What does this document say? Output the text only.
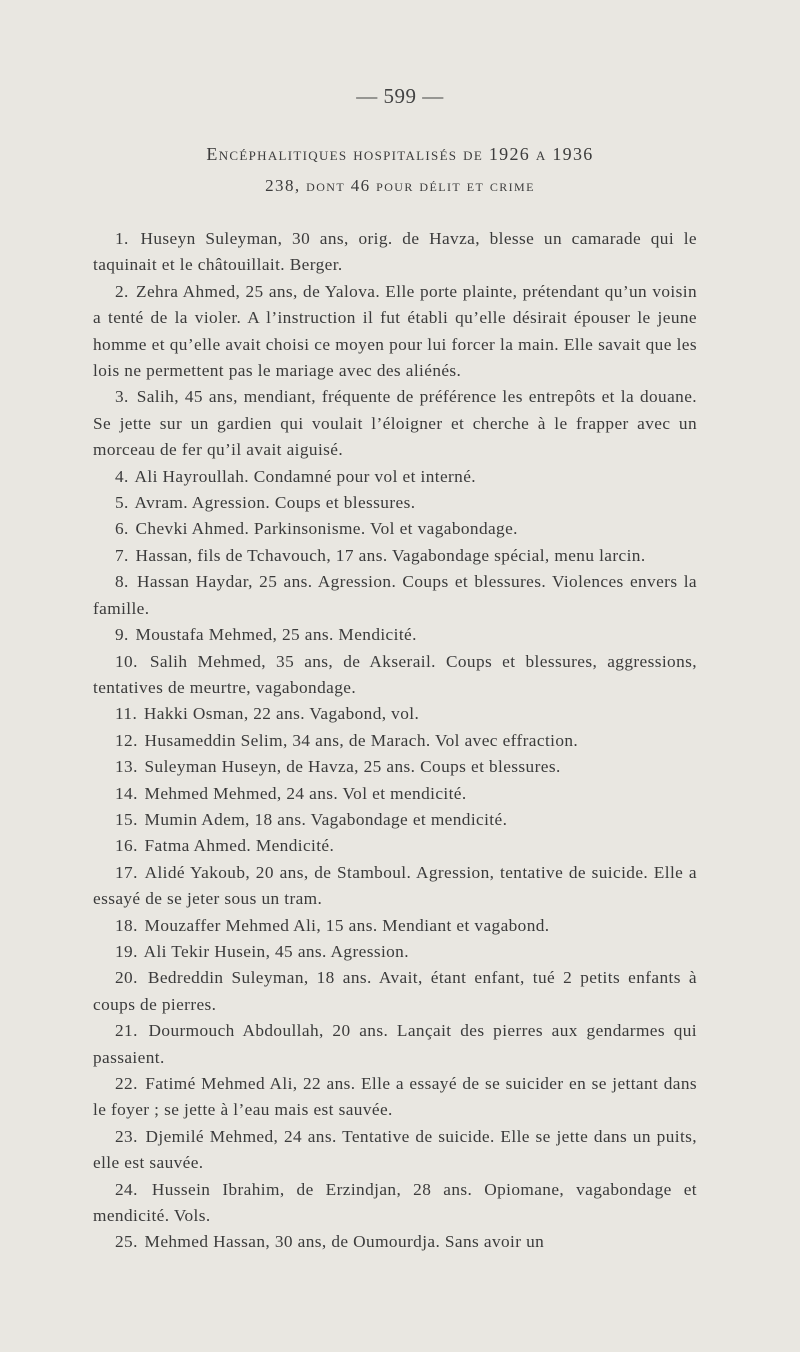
— 599 —
Encéphalitiques hospitalisés de 1926 a 1936
238, dont 46 pour délit et crime
1. Huseyn Suleyman, 30 ans, orig. de Havza, blesse un camarade qui le taquinait et le châtouillait. Berger.
2. Zehra Ahmed, 25 ans, de Yalova. Elle porte plainte, prétendant qu’un voisin a tenté de la violer. A l’instruction il fut établi qu’elle désirait épouser le jeune homme et qu’elle avait choisi ce moyen pour lui forcer la main. Elle savait que les lois ne permettent pas le mariage avec des aliénés.
3. Salih, 45 ans, mendiant, fréquente de préférence les entrepôts et la douane. Se jette sur un gardien qui voulait l’éloigner et cherche à le frapper avec un morceau de fer qu’il avait aiguisé.
4. Ali Hayroullah. Condamné pour vol et interné.
5. Avram. Agression. Coups et blessures.
6. Chevki Ahmed. Parkinsonisme. Vol et vagabondage.
7. Hassan, fils de Tchavouch, 17 ans. Vagabondage spécial, menu larcin.
8. Hassan Haydar, 25 ans. Agression. Coups et blessures. Violences envers la famille.
9. Moustafa Mehmed, 25 ans. Mendicité.
10. Salih Mehmed, 35 ans, de Akserail. Coups et blessures, aggressions, tentatives de meurtre, vagabondage.
11. Hakki Osman, 22 ans. Vagabond, vol.
12. Husameddin Selim, 34 ans, de Marach. Vol avec effraction.
13. Suleyman Huseyn, de Havza, 25 ans. Coups et blessures.
14. Mehmed Mehmed, 24 ans. Vol et mendicité.
15. Mumin Adem, 18 ans. Vagabondage et mendicité.
16. Fatma Ahmed. Mendicité.
17. Alidé Yakoub, 20 ans, de Stamboul. Agression, tentative de suicide. Elle a essayé de se jeter sous un tram.
18. Mouzaffer Mehmed Ali, 15 ans. Mendiant et vagabond.
19. Ali Tekir Husein, 45 ans. Agression.
20. Bedreddin Suleyman, 18 ans. Avait, étant enfant, tué 2 petits enfants à coups de pierres.
21. Dourmouch Abdoullah, 20 ans. Lançait des pierres aux gendarmes qui passaient.
22. Fatimé Mehmed Ali, 22 ans. Elle a essayé de se suicider en se jettant dans le foyer ; se jette à l’eau mais est sauvée.
23. Djemilé Mehmed, 24 ans. Tentative de suicide. Elle se jette dans un puits, elle est sauvée.
24. Hussein Ibrahim, de Erzindjan, 28 ans. Opiomane, vagabondage et mendicité. Vols.
25. Mehmed Hassan, 30 ans, de Oumourdja. Sans avoir un
